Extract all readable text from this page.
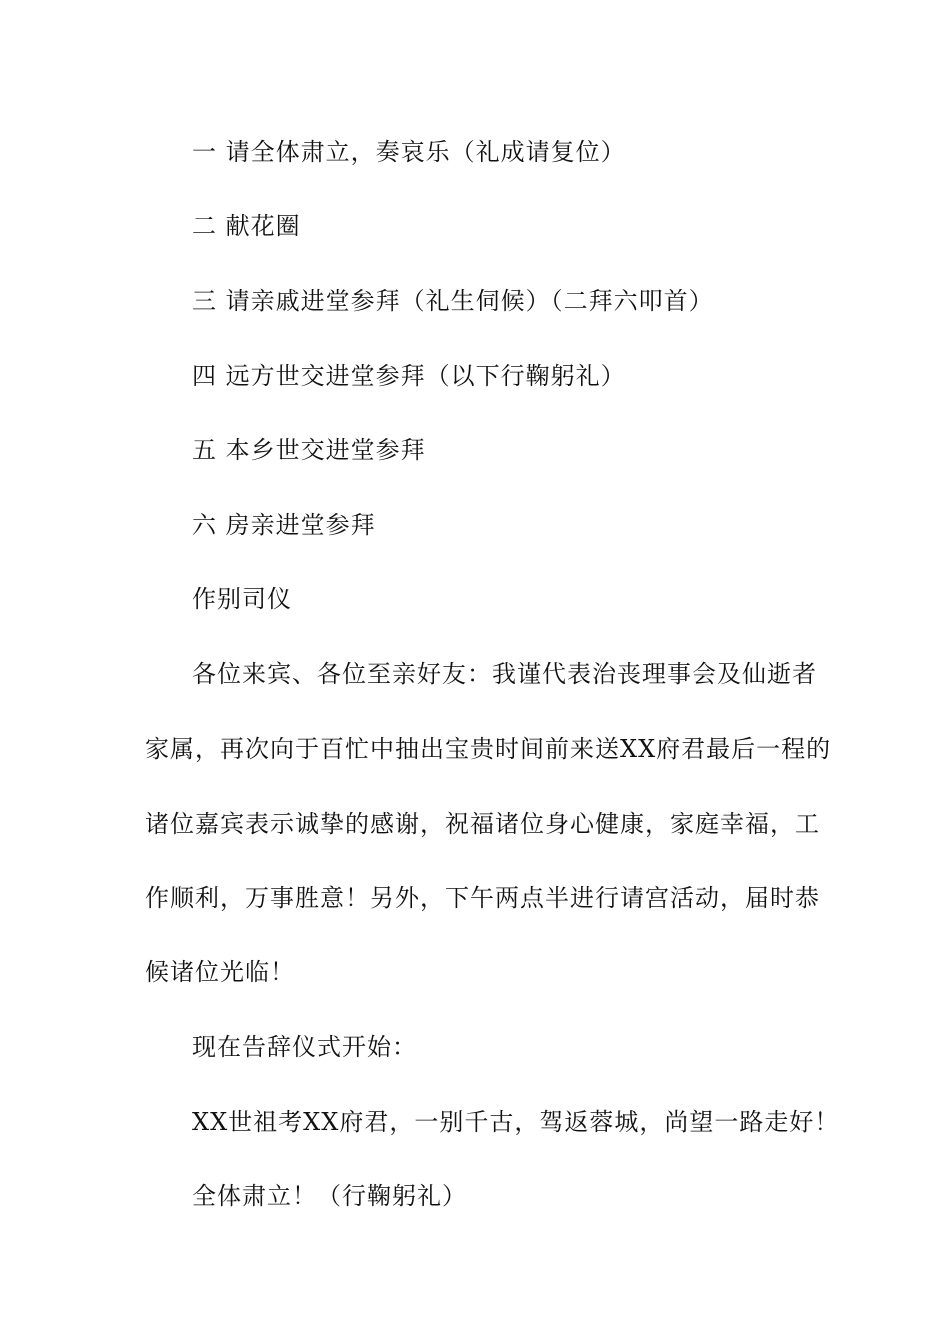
一 请全体肃立，奏哀乐（礼成请复位）
二 献花圈
三 请亲戚进堂参拜（礼生伺候）（二拜六叩首）
四 远方世交进堂参拜（以下行鞠躬礼）
五 本乡世交进堂参拜
六 房亲进堂参拜
作别司仪
各位来宾、各位至亲好友：我谨代表治丧理事会及仙逝者
家属，再次向于百忙中抽出宝贵时间前来送XX府君最后一程的
诸位嘉宾表示诚挚的感谢，祝福诸位身心健康，家庭幸福，工
作顺利，万事胜意！另外，下午两点半进行请宫活动，届时恭
候诸位光临！
现在告辞仪式开始：
XX世祖考XX府君，一别千古，驾返蓉城，尚望一路走好！
全体肃立！（行鞠躬礼）
